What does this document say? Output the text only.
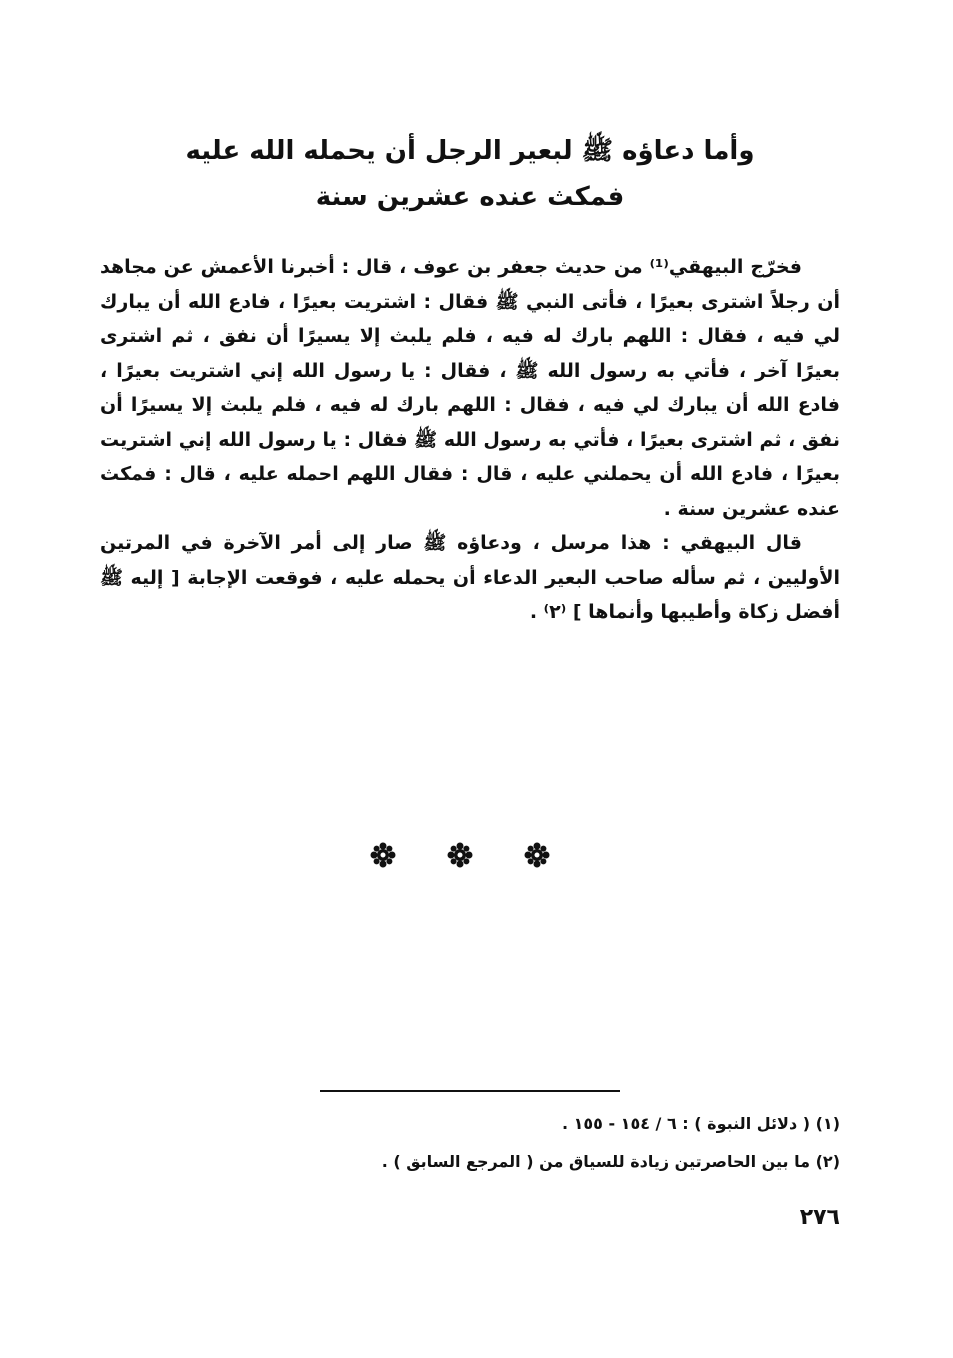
وأما دعاؤه ﷺ لبعير الرجل أن يحمله الله عليه
فمكث عنده عشرين سنة

فخرّج البيهقي⁽¹⁾ من حديث جعفر بن عوف ، قال : أخبرنا الأعمش عن مجاهد أن رجلاً اشترى بعيرًا ، فأتى النبي ﷺ فقال : اشتريت بعيرًا ، فادع الله أن يبارك لي فيه ، فقال : اللهم بارك له فيه ، فلم يلبث إلا يسيرًا أن نفق ، ثم اشترى بعيرًا آخر ، فأتي به رسول الله ﷺ ، فقال : يا رسول الله إني اشتريت بعيرًا ، فادع الله أن يبارك لي فيه ، فقال : اللهم بارك له فيه ، فلم يلبث إلا يسيرًا أن نفق ، ثم اشترى بعيرًا ، فأتي به رسول الله ﷺ فقال : يا رسول الله إني اشتريت بعيرًا ، فادع الله أن يحملني عليه ، قال : فقال اللهم احمله عليه ، قال : فمكث عنده عشرين سنة .

قال البيهقي : هذا مرسل ، ودعاؤه ﷺ صار إلى أمر الآخرة في المرتين الأوليين ، ثم سأله صاحب البعير الدعاء أن يحمله عليه ، فوقعت الإجابة [ إليه ﷺ أفضل زكاة وأطيبها وأنماها ] ⁽٢⁾ .

(١) ( دلائل النبوة ) : ٦ / ١٥٤ - ١٥٥ .
(٢) ما بين الحاصرتين زيادة للسياق من ( المرجع السابق ) .
٢٧٦
